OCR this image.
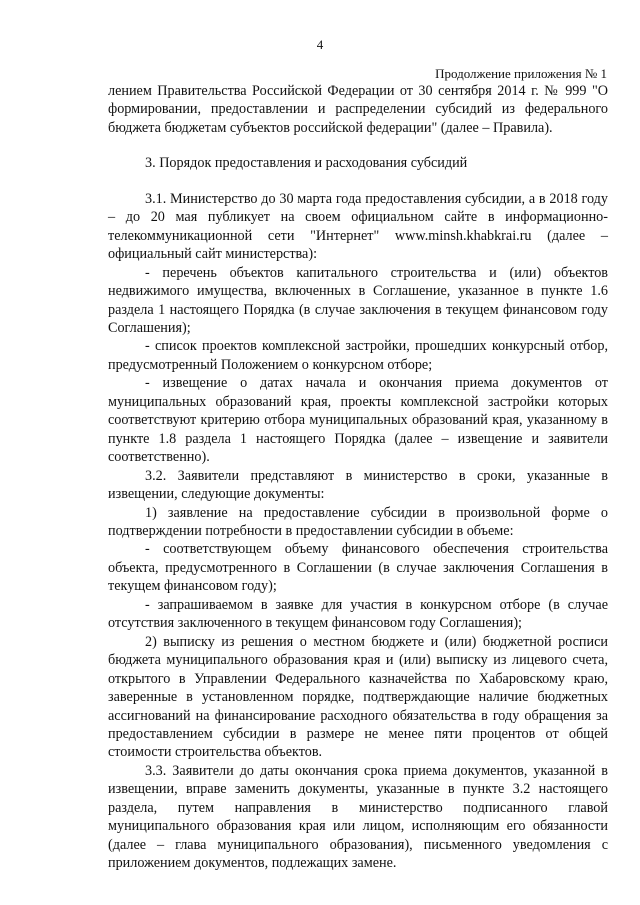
4
Продолжение приложения № 1

лением Правительства Российской Федерации от 30 сентября 2014 г. № 999 "О формировании, предоставлении и распределении субсидий из федерального бюджета бюджетам субъектов российской федерации" (далее – Правила).

3. Порядок предоставления и расходования субсидий

3.1. Министерство до 30 марта года предоставления субсидии, а в 2018 году – до 20 мая публикует на своем официальном сайте в информационно-телекоммуникационной сети "Интернет" www.minsh.khabkrai.ru (далее – официальный сайт министерства):

- перечень объектов капитального строительства и (или) объектов недвижимого имущества, включенных в Соглашение, указанное в пункте 1.6 раздела 1 настоящего Порядка (в случае заключения в текущем финансовом году Соглашения);

- список проектов комплексной застройки, прошедших конкурсный отбор, предусмотренный Положением о конкурсном отборе;

- извещение о датах начала и окончания приема документов от муниципальных образований края, проекты комплексной застройки которых соответствуют критерию отбора муниципальных образований края, указанному в пункте 1.8 раздела 1 настоящего Порядка (далее – извещение и заявители соответственно).

3.2. Заявители представляют в министерство в сроки, указанные в извещении, следующие документы:

1) заявление на предоставление субсидии в произвольной форме о подтверждении потребности в предоставлении субсидии в объеме:

- соответствующем объему финансового обеспечения строительства объекта, предусмотренного в Соглашении (в случае заключения Соглашения в текущем финансовом году);

- запрашиваемом в заявке для участия в конкурсном отборе (в случае отсутствия заключенного в текущем финансовом году Соглашения);

2) выписку из решения о местном бюджете и (или) бюджетной росписи бюджета муниципального образования края и (или) выписку из лицевого счета, открытого в Управлении Федерального казначейства по Хабаровскому краю, заверенные в установленном порядке, подтверждающие наличие бюджетных ассигнований на финансирование расходного обязательства в году обращения за предоставлением субсидии в размере не менее пяти процентов от общей стоимости строительства объектов.

3.3. Заявители до даты окончания срока приема документов, указанной в извещении, вправе заменить документы, указанные в пункте 3.2 настоящего раздела, путем направления в министерство подписанного главой муниципального образования края или лицом, исполняющим его обязанности (далее – глава муниципального образования), письменного уведомления с приложением документов, подлежащих замене.
